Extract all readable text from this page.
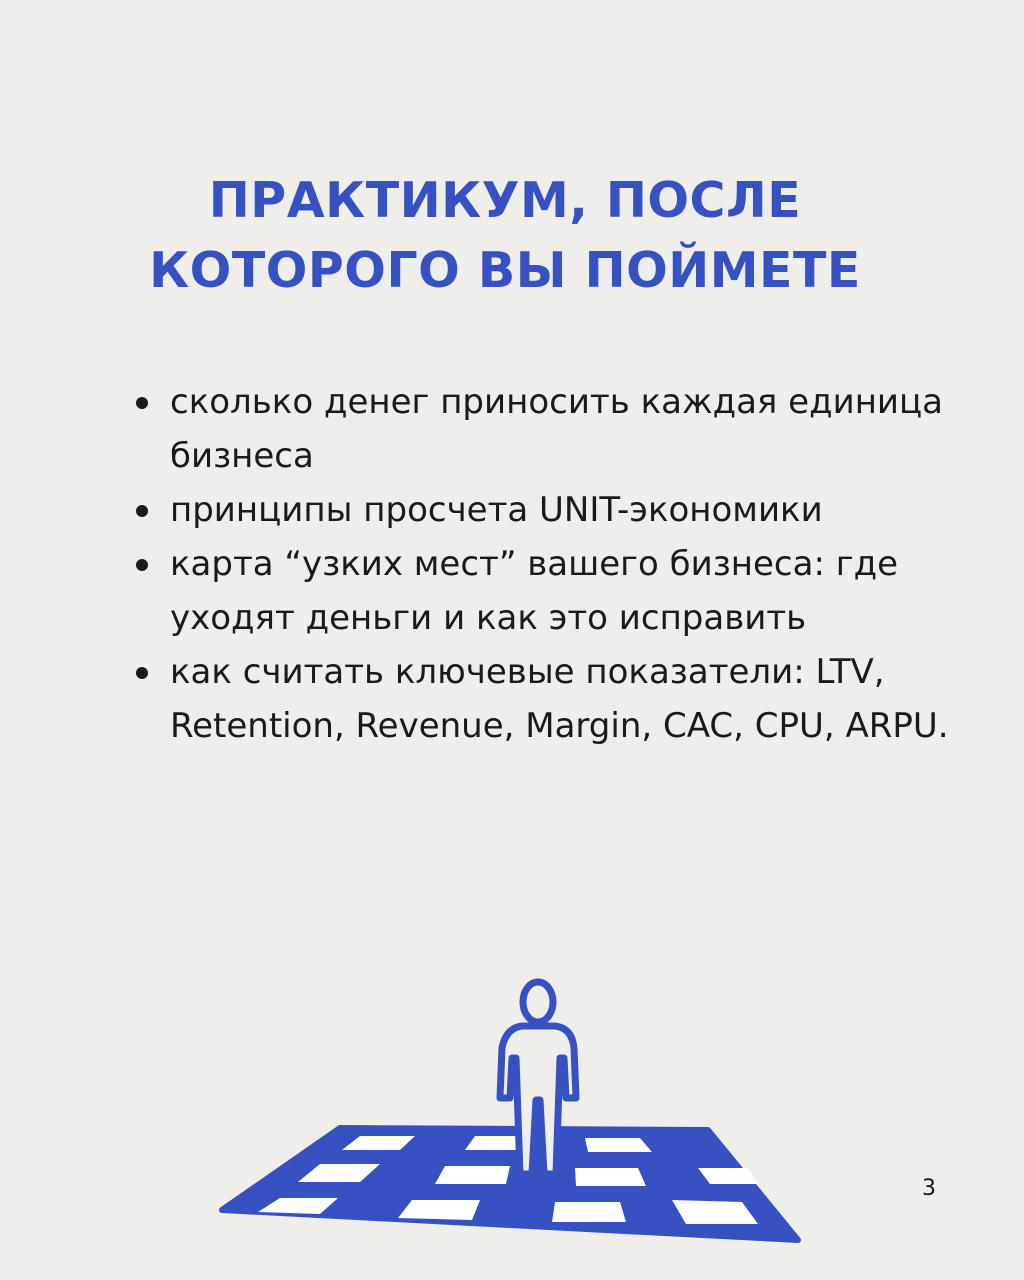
ПРАКТИКУМ, ПОСЛЕ
КОТОРОГО ВЫ ПОЙМЕТЕ
сколько денег приносить каждая единица бизнеса
принципы просчета UNIT-экономики
карта “узких мест” вашего бизнеса: где уходят деньги и как это исправить
как считать ключевые показатели: LTV, Retention, Revenue, Margin, CAC, CPU, ARPU.
3
